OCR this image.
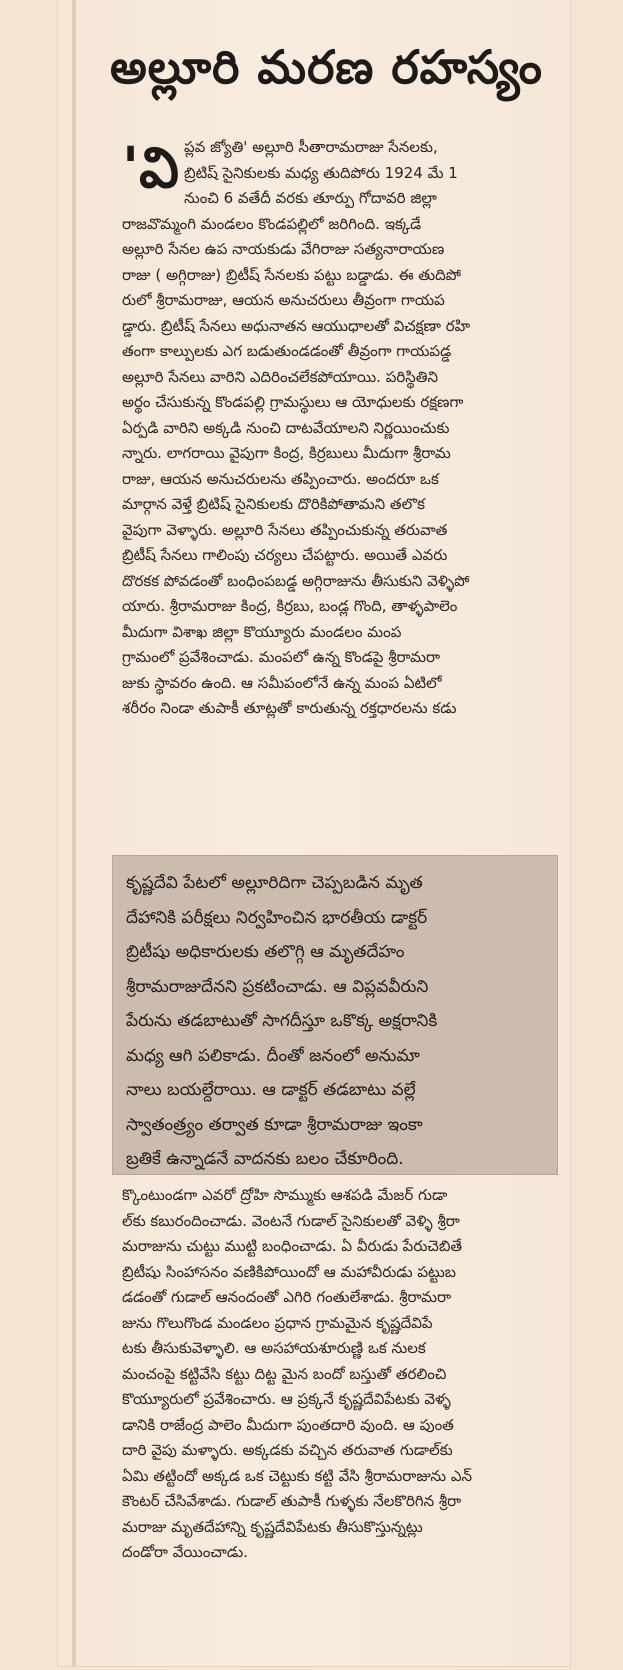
అల్లూరి మరణ రహస్యం
'వి ప్లవ జ్యోతి' అల్లూరి సీతారామరాజు సేనలకు,
బ్రిటిష్ సైనికులకు మధ్య తుదిపోరు 1924 మే 1
నుంచి 6 వతేదీ వరకు తూర్పు గోదావరి జిల్లా
రాజవొమ్మంగి మండలం కొండపల్లిలో జరిగింది. ఇక్కడే
అల్లూరి సేనల ఉప నాయకుడు వేగిరాజు సత్యనారాయణ
రాజు ( అగ్గిరాజు) బ్రిటీష్ సేనలకు పట్టు బడ్డాడు. ఈ తుదిపో
రులో శ్రీరామరాజు, ఆయన అనుచరులు తీవ్రంగా గాయప
డ్డారు. బ్రిటీష్ సేనలు అధునాతన ఆయుధాలతో విచక్షణా రహి
తంగా కాల్పులకు ఎగ బడుతుండడంతో తీవ్రంగా గాయపడ్డ
అల్లూరి సేనలు వారిని ఎదిరించలేకపోయాయి. పరిస్థితిని
అర్థం చేసుకున్న కొండపల్లి గ్రామస్థులు ఆ యోధులకు రక్షణగా
ఏర్పడి వారిని అక్కడి నుంచి దాటవేయాలని నిర్ణయించుకు
న్నారు. లాగరాయి వైపుగా కింద్ర, కిర్రబులు మీదుగా శ్రీరామ
రాజు, ఆయన అనుచరులను తప్పించారు. అందరూ ఒక
మార్గాన వెళ్తే బ్రిటిష్ సైనికులకు దొరికిపోతామని తలొక
వైపుగా వెళ్ళారు. అల్లూరి సేనలు తప్పించుకున్న తరువాత
బ్రిటీష్ సేనలు గాలింపు చర్యలు చేపట్టారు. అయితే ఎవరు
దొరకక పోవడంతో బంధింపబడ్డ అగ్గిరాజును తీసుకుని వెళ్ళిపో
యారు. శ్రీరామరాజు కింద్ర, కిర్రబు, బండ్ల గొంది, తాళ్ళపాలెం
మీదుగా విశాఖ జిల్లా కొయ్యూరు మండలం మంప
గ్రామంలో ప్రవేశించాడు. మంపలో ఉన్న కొండపై శ్రీరామరా
జుకు స్థావరం ఉంది. ఆ సమీపంలోనే ఉన్న మంప ఏటిలో
శరీరం నిండా తుపాకీ తూట్లతో కారుతున్న రక్తధారలను కడు
కృష్ణదేవి పేటలో అల్లూరిదిగా చెప్పబడిన మృత
దేహానికి పరీక్షలు నిర్వహించిన భారతీయ డాక్టర్
బ్రిటీషు అధికారులకు తలొగ్గి ఆ మృతదేహం
శ్రీరామరాజుదేనని ప్రకటించాడు. ఆ విప్లవవీరుని
పేరును తడబాటుతో సాగదీస్తూ ఒకొక్క అక్షరానికి
మధ్య ఆగి పలికాడు. దీంతో జనంలో అనుమా
నాలు బయల్దేరాయి. ఆ డాక్టర్ తడబాటు వల్లే
స్వాతంత్ర్యం తర్వాత కూడా శ్రీరామరాజు ఇంకా
బ్రతికే ఉన్నాడనే వాదనకు బలం చేకూరింది.
క్కొంటుండగా ఎవరో ద్రోహి సొమ్ముకు ఆశపడి మేజర్ గుడా
ల్‌కు కబురందించాడు. వెంటనే గుడాల్ సైనికులతో వెళ్ళి శ్రీరా
మరాజును చుట్టు ముట్టి బంధించాడు. ఏ వీరుడు పేరుచెబితే
బ్రిటీషు సింహాసనం వణికిపోయిందో ఆ మహావీరుడు పట్టుబ
డడంతో గుడాల్ ఆనందంతో ఎగిరి గంతులేశాడు. శ్రీరామరా
జును గొలుగొండ మండలం ప్రధాన గ్రామమైన కృష్ణదేవిపే
టకు తీసుకువెళ్ళాలి. ఆ అసహాయశూరుణ్ణి ఒక నులక
మంచంపై కట్టివేసి కట్టు దిట్ట మైన బందో బస్తుతో తరలించి
కొయ్యూరులో ప్రవేశించారు. ఆ ప్రక్కనే కృష్ణదేవిపేటకు వెళ్ళ
డానికి రాజేంద్ర పాలెం మీదుగా పుంతదారి వుంది. ఆ పుంత
దారి వైపు మళ్ళారు. అక్కడకు వచ్చిన తరువాత గుడాల్‌కు
ఏమి తట్టిందో అక్కడ ఒక చెట్టుకు కట్టి వేసి శ్రీరామరాజును ఎన్
కౌంటర్ చేసివేశాడు. గుడాల్ తుపాకీ గుళ్ళకు నేలకొరిగిన శ్రీరా
మరాజు మృతదేహాన్ని కృష్ణదేవిపేటకు తీసుకొస్తున్నట్లు
దండోరా వేయించాడు.
